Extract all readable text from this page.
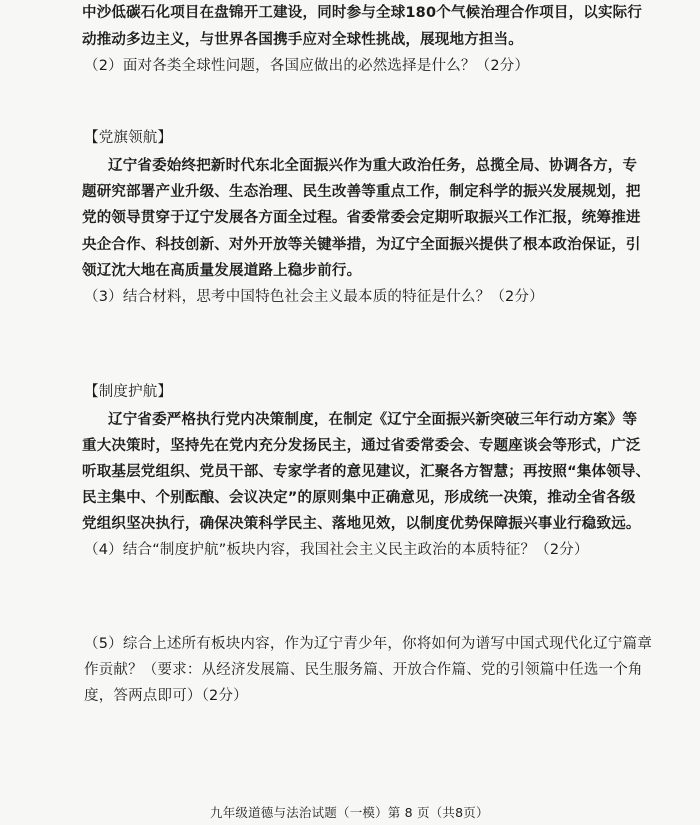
中沙低碳石化项目在盘锦开工建设，同时参与全球180个气候治理合作项目，以实际行
动推动多边主义，与世界各国携手应对全球性挑战，展现地方担当。
（2）面对各类全球性问题，各国应做出的必然选择是什么？（2分）
【党旗领航】
辽宁省委始终把新时代东北全面振兴作为重大政治任务，总揽全局、协调各方，专
题研究部署产业升级、生态治理、民生改善等重点工作，制定科学的振兴发展规划，把
党的领导贯穿于辽宁发展各方面全过程。省委常委会定期听取振兴工作汇报，统筹推进
央企合作、科技创新、对外开放等关键举措，为辽宁全面振兴提供了根本政治保证，引
领辽沈大地在高质量发展道路上稳步前行。
（3）结合材料，思考中国特色社会主义最本质的特征是什么？（2分）
【制度护航】
辽宁省委严格执行党内决策制度，在制定《辽宁全面振兴新突破三年行动方案》等
重大决策时，坚持先在党内充分发扬民主，通过省委常委会、专题座谈会等形式，广泛
听取基层党组织、党员干部、专家学者的意见建议，汇聚各方智慧；再按照“集体领导、
民主集中、个别酝酿、会议决定”的原则集中正确意见，形成统一决策，推动全省各级
党组织坚决执行，确保决策科学民主、落地见效，以制度优势保障振兴事业行稳致远。
（4）结合“制度护航”板块内容，我国社会主义民主政治的本质特征？（2分）
（5）综合上述所有板块内容，作为辽宁青少年，你将如何为谱写中国式现代化辽宁篇章
作贡献？（要求：从经济发展篇、民生服务篇、开放合作篇、党的引领篇中任选一个角
度，答两点即可）（2分）
九年级道德与法治试题（一模）第 8 页（共8页）
